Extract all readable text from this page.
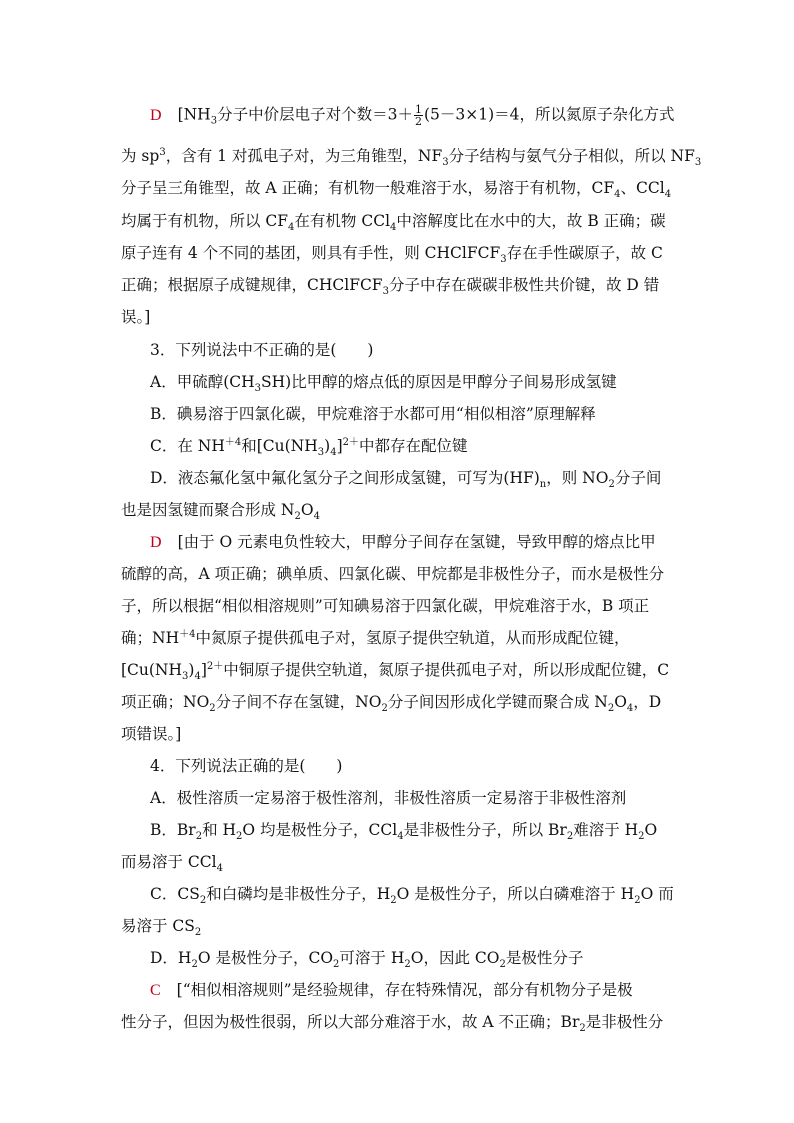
D [$NH_3$分子中价层电子对个数$=3+ \frac{1}{2} (5-3\times 1)=4$，所以氮原子杂化方式
为 $sp^3$，含有 1 对孤电子对，为三角锥型，$NF_3$分子结构与氨气分子相似，所以 $NF_3$
分子呈三角锥型，故 A 正确；有机物一般难溶于水，易溶于有机物，$CF_4$、CCl$_4$
均属于有机物，所以 $CF_4$在有机物 CCl$_4$中溶解度比在水中的大，故 B 正确；碳
原子连有 4 个不同的基团，则具有手性，则 CHClFCF$_3$存在手性碳原子，故 C
正确；根据原子成键规律，CHClFCF$_3$分子中存在碳碳非极性共价键，故 D 错
误。]
3．下列说法中不正确的是(　　)
A．甲硫醇$(CH_3SH)$比甲醇的熔点低的原因是甲醇分子间易形成氢键
B．碘易溶于四氯化碳，甲烷难溶于水都可用“相似相溶”原理解释
C．在 $NH^{+4}$和$[Cu(NH_3)_4]^{2+}$中都存在配位键
D．液态氟化氢中氟化氢分子之间形成氢键，可写为$(HF)_n$，则 $NO_2$分子间
也是因氢键而聚合形成 $N_2O_4$
D [由于 O 元素电负性较大，甲醇分子间存在氢键，导致甲醇的熔点比甲
硫醇的高，A 项正确；碘单质、四氯化碳、甲烷都是非极性分子，而水是极性分
子，所以根据“相似相溶规则”可知碘易溶于四氯化碳，甲烷难溶于水，B 项正
确；$NH^{+4}$中氮原子提供孤电子对，氢原子提供空轨道，从而形成配位键，
$[Cu(NH_3)_4]^{2+}$中铜原子提供空轨道，氮原子提供孤电子对，所以形成配位键，C
项正确；$NO_2$分子间不存在氢键，$NO_2$分子间因形成化学键而聚合成 $N_2O_4$，D
项错误。]
4．下列说法正确的是(　　)
A．极性溶质一定易溶于极性溶剂，非极性溶质一定易溶于非极性溶剂
B．$Br_2$和 $H_2O$ 均是极性分子，CCl$_4$是非极性分子，所以 $Br_2$难溶于 $H_2O$
而易溶于 CCl$_4$
C．$CS_2$和白磷均是非极性分子，$H_2O$ 是极性分子，所以白磷难溶于 $H_2O$ 而
易溶于 $CS_2$
D．$H_2O$ 是极性分子，$CO_2$可溶于 $H_2O$，因此 $CO_2$是极性分子
C [“相似相溶规则”是经验规律，存在特殊情况，部分有机物分子是极
性分子，但因为极性很弱，所以大部分难溶于水，故 A 不正确；$Br_2$是非极性分
